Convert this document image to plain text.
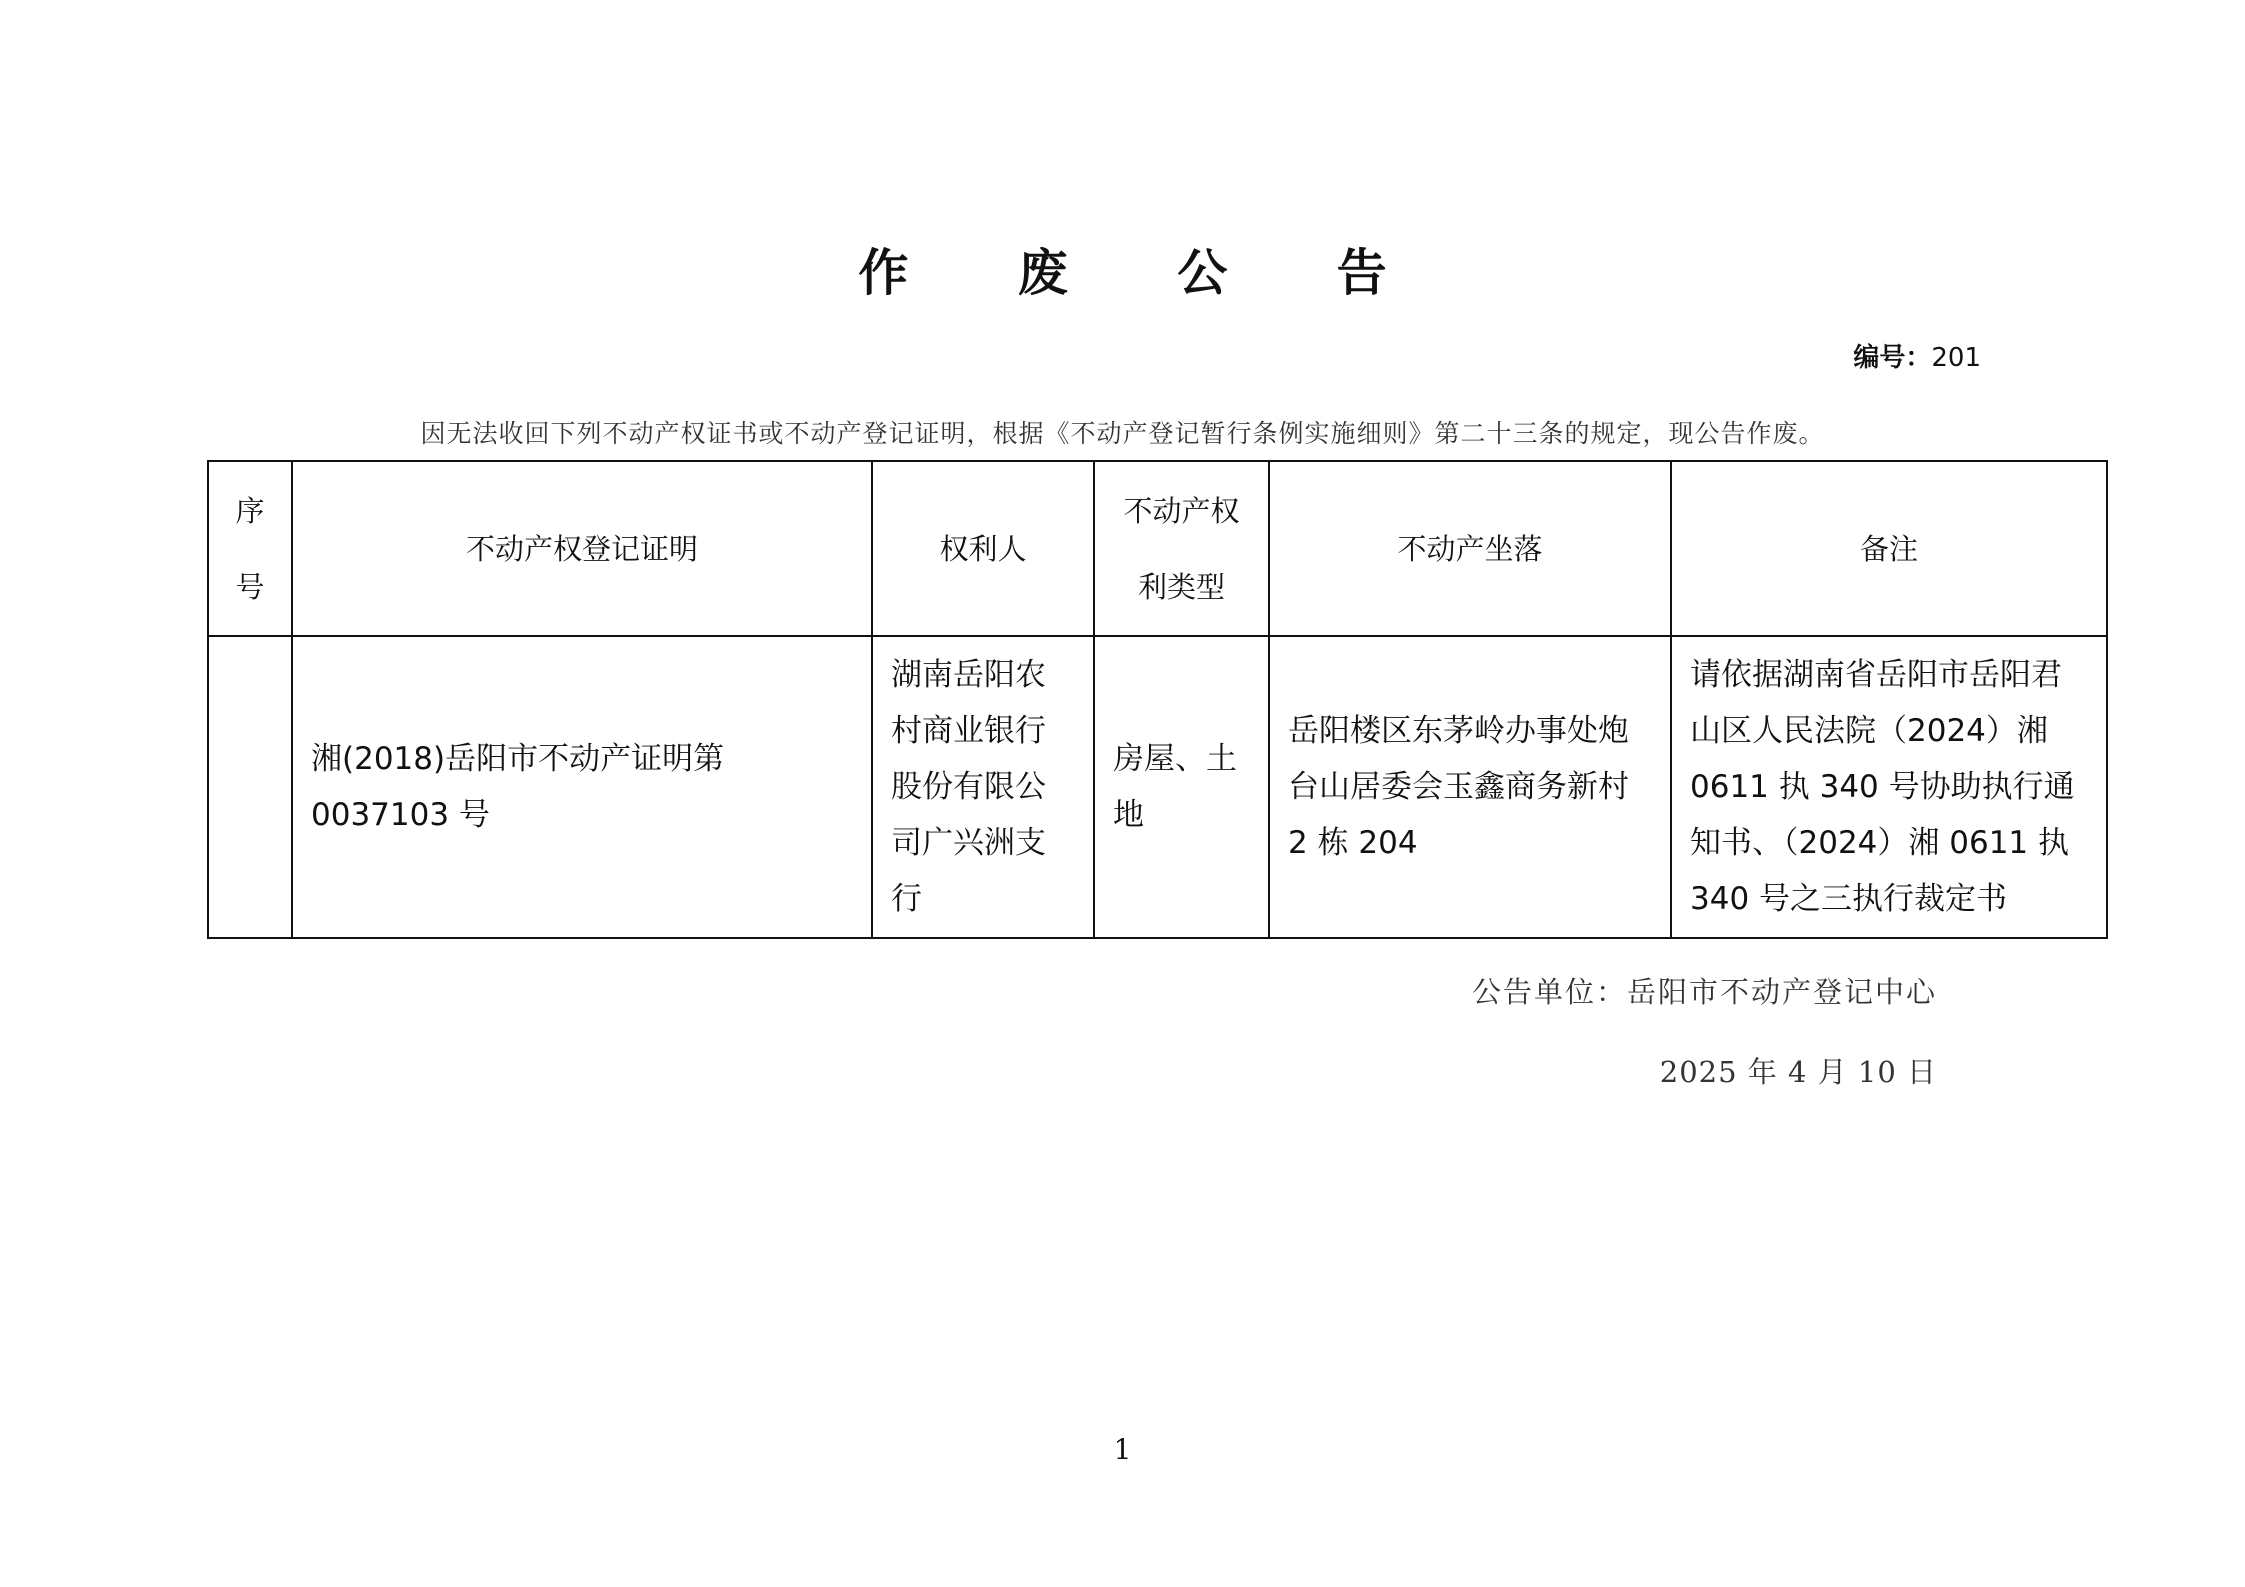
作 废 公 告
编号：201
因无法收回下列不动产权证书或不动产登记证明，根据《不动产登记暂行条例实施细则》第二十三条的规定，现公告作废。
序号	不动产权登记证明	权利人	不动产权利类型	不动产坐落	备注
	湘(2018)岳阳市不动产证明第 0037103 号	湖南岳阳农村商业银行股份有限公司广兴洲支行	房屋、土地	岳阳楼区东茅岭办事处炮台山居委会玉鑫商务新村 2 栋 204	请依据湖南省岳阳市岳阳君山区人民法院（2024）湘 0611 执 340 号协助执行通知书、（2024）湘 0611 执 340 号之三执行裁定书
公告单位：岳阳市不动产登记中心
2025 年 4 月 10 日
1
